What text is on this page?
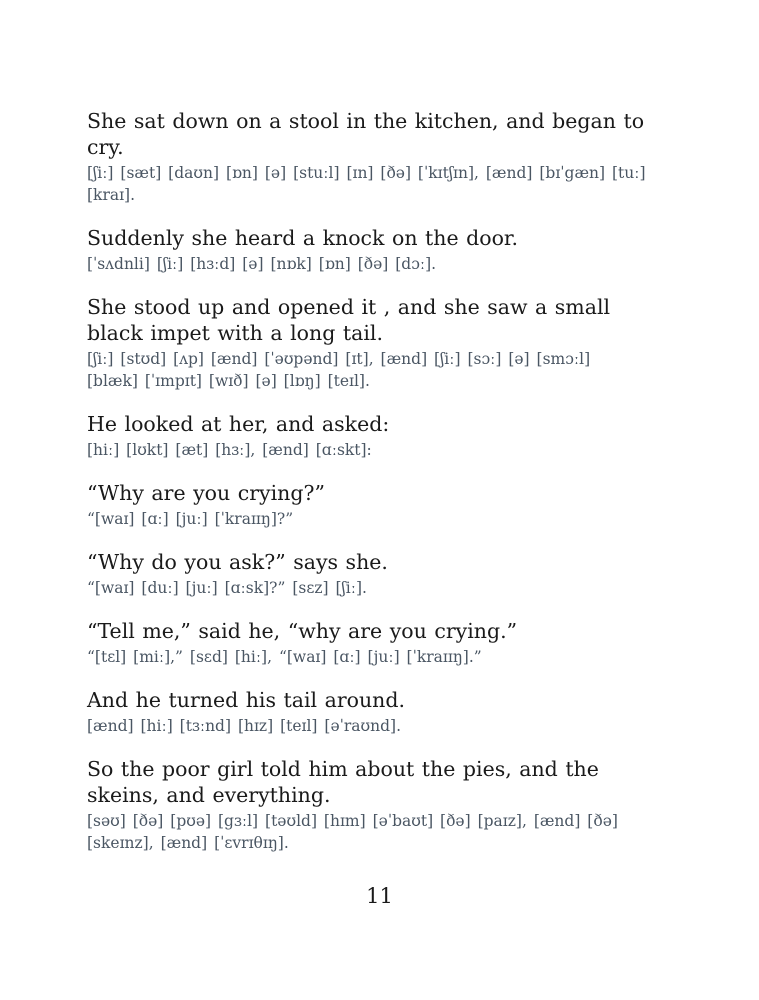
She sat down on a stool in the kitchen, and began to cry.
[ʃiː] [sæt] [daʊn] [ɒn] [ə] [stuːl] [ɪn] [ðə] [ˈkɪtʃɪn], [ænd] [bɪˈgæn] [tuː] [kraɪ].
Suddenly she heard a knock on the door.
[ˈsʌdnli] [ʃiː] [hɜːd] [ə] [nɒk] [ɒn] [ðə] [dɔː].
She stood up and opened it , and she saw a small black impet with a long tail.
[ʃiː] [stʊd] [ʌp] [ænd] [ˈəʊpənd] [ɪt], [ænd] [ʃiː] [sɔː] [ə] [smɔːl] [blæk] [ˈɪmpɪt] [wɪð] [ə] [lɒŋ] [teɪl].
He looked at her, and asked:
[hiː] [lʊkt] [æt] [hɜː], [ænd] [ɑːskt]:
“Why are you crying?”
“[waɪ] [ɑː] [juː] [ˈkraɪɪŋ]?”
“Why do you ask?” says she.
“[waɪ] [duː] [juː] [ɑːsk]?” [sɛz] [ʃiː].
“Tell me,” said he, “why are you crying.”
“[tɛl] [miː],” [sɛd] [hiː], “[waɪ] [ɑː] [juː] [ˈkraɪɪŋ].”
And he turned his tail around.
[ænd] [hiː] [tɜːnd] [hɪz] [teɪl] [əˈraʊnd].
So the poor girl told him about the pies, and the skeins, and everything.
[səʊ] [ðə] [pʊə] [gɜːl] [təʊld] [hɪm] [əˈbaʊt] [ðə] [paɪz], [ænd] [ðə] [skeɪnz], [ænd] [ˈɛvrɪθɪŋ].
11
